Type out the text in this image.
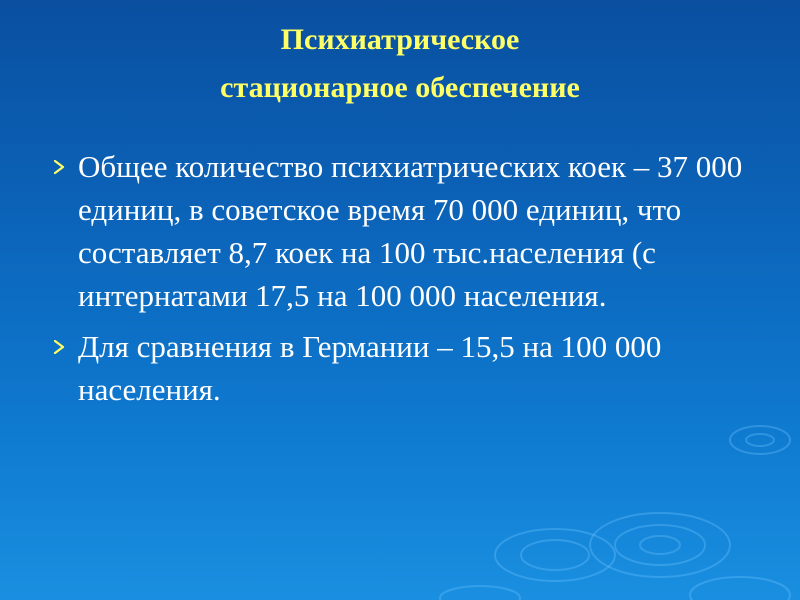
Психиатрическое
стационарное обеспечение
Общее количество психиатрических коек – 37 000 единиц, в советское время 70 000 единиц, что составляет 8,7 коек на 100 тыс.населения (с интернатами 17,5 на 100 000 населения.
Для сравнения в Германии – 15,5 на 100 000 населения.
